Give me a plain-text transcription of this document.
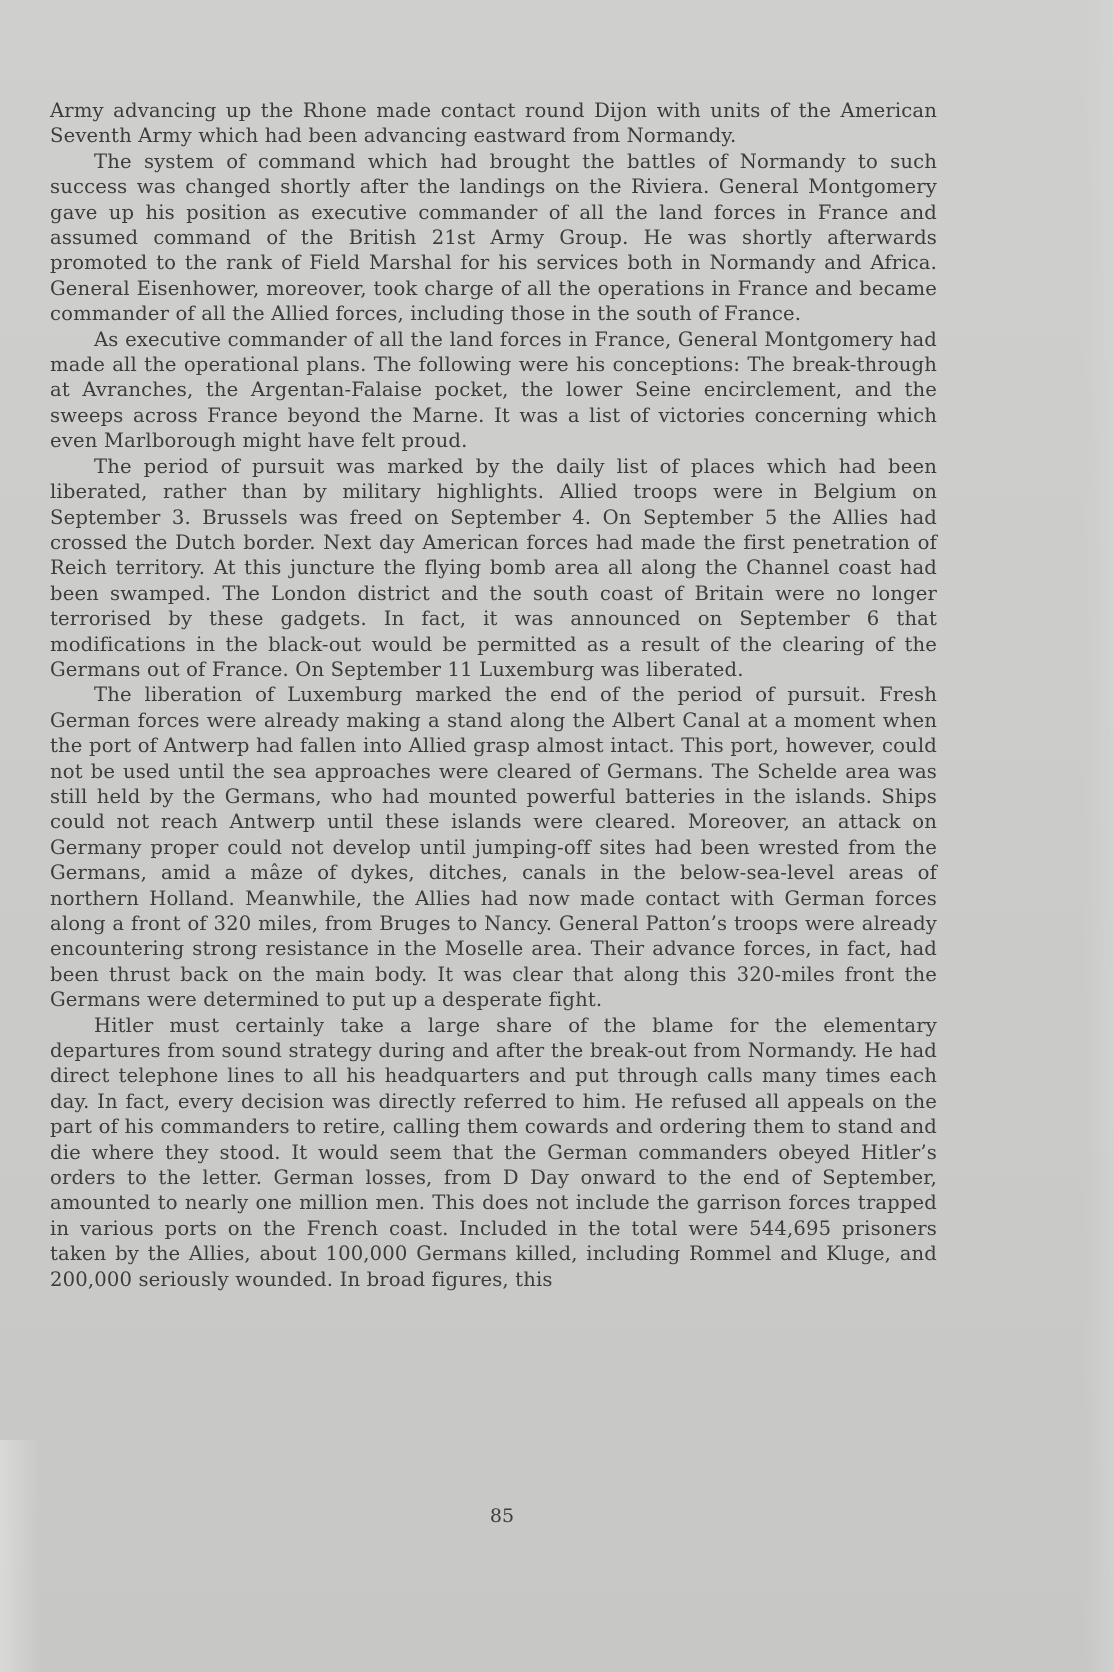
Army advancing up the Rhone made contact round Dijon with units of the American Seventh Army which had been advancing eastward from Normandy.

The system of command which had brought the battles of Normandy to such success was changed shortly after the landings on the Riviera. General Montgomery gave up his position as executive commander of all the land forces in France and assumed command of the British 21st Army Group. He was shortly afterwards promoted to the rank of Field Marshal for his services both in Normandy and Africa. General Eisenhower, moreover, took charge of all the operations in France and became commander of all the Allied forces, including those in the south of France.

As executive commander of all the land forces in France, General Montgomery had made all the operational plans. The following were his conceptions: The break-through at Avranches, the Argentan-Falaise pocket, the lower Seine encirclement, and the sweeps across France beyond the Marne. It was a list of victories concerning which even Marlborough might have felt proud.

The period of pursuit was marked by the daily list of places which had been liberated, rather than by military highlights. Allied troops were in Belgium on September 3. Brussels was freed on September 4. On September 5 the Allies had crossed the Dutch border. Next day American forces had made the first penetration of Reich territory. At this juncture the flying bomb area all along the Channel coast had been swamped. The London district and the south coast of Britain were no longer terrorised by these gadgets. In fact, it was announced on September 6 that modifications in the black-out would be permitted as a result of the clearing of the Germans out of France. On September 11 Luxemburg was liberated.

The liberation of Luxemburg marked the end of the period of pursuit. Fresh German forces were already making a stand along the Albert Canal at a moment when the port of Antwerp had fallen into Allied grasp almost intact. This port, however, could not be used until the sea approaches were cleared of Germans. The Schelde area was still held by the Germans, who had mounted powerful batteries in the islands. Ships could not reach Antwerp until these islands were cleared. Moreover, an attack on Germany proper could not develop until jumping-off sites had been wrested from the Germans, amid a mâze of dykes, ditches, canals in the below-sea-level areas of northern Holland. Meanwhile, the Allies had now made contact with German forces along a front of 320 miles, from Bruges to Nancy. General Patton’s troops were already encountering strong resistance in the Moselle area. Their advance forces, in fact, had been thrust back on the main body. It was clear that along this 320-miles front the Germans were determined to put up a desperate fight.

Hitler must certainly take a large share of the blame for the elementary departures from sound strategy during and after the break-out from Normandy. He had direct telephone lines to all his headquarters and put through calls many times each day. In fact, every decision was directly referred to him. He refused all appeals on the part of his commanders to retire, calling them cowards and ordering them to stand and die where they stood. It would seem that the German commanders obeyed Hitler’s orders to the letter. German losses, from D Day onward to the end of September, amounted to nearly one million men. This does not include the garrison forces trapped in various ports on the French coast. Included in the total were 544,695 prisoners taken by the Allies, about 100,000 Germans killed, including Rommel and Kluge, and 200,000 seriously wounded. In broad figures, this

85
